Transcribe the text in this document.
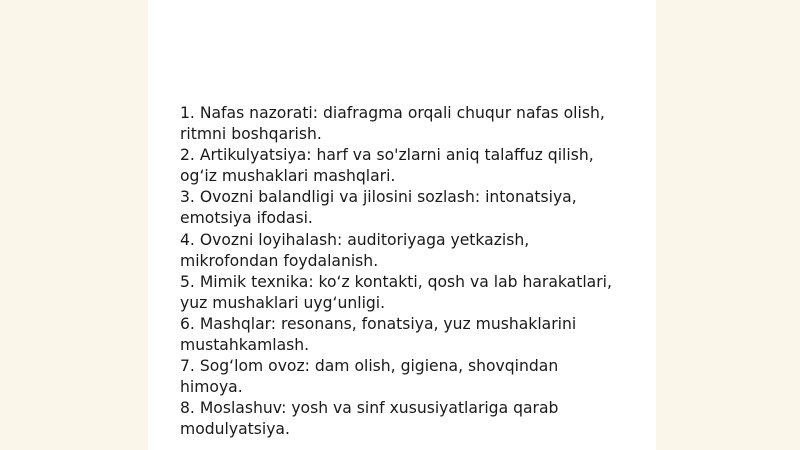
1. Nafas nazorati: diafragma orqali chuqur nafas olish, ritmni boshqarish.
2. Artikulyatsiya: harf va so'zlarni aniq talaffuz qilish, og‘iz mushaklari mashqlari.
3. Ovozni balandligi va jilosini sozlash: intonatsiya, emotsiya ifodasi.
4. Ovozni loyihalash: auditoriyaga yetkazish, mikrofondan foydalanish.
5. Mimik texnika: ko‘z kontakti, qosh va lab harakatlari, yuz mushaklari uyg‘unligi.
6. Mashqlar: resonans, fonatsiya, yuz mushaklarini mustahkamlash.
7. Sog‘lom ovoz: dam olish, gigiena, shovqindan himoya.
8. Moslashuv: yosh va sinf xususiyatlariga qarab modulyatsiya.
